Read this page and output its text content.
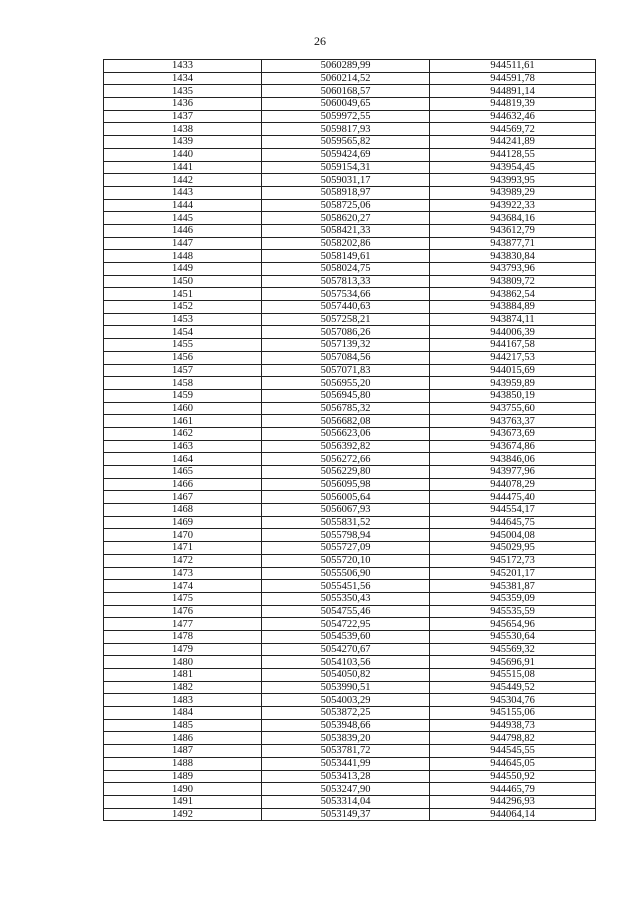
26
1433	5060289,99	944511,61
1434	5060214,52	944591,78
1435	5060168,57	944891,14
1436	5060049,65	944819,39
1437	5059972,55	944632,46
1438	5059817,93	944569,72
1439	5059565,82	944241,89
1440	5059424,69	944128,55
1441	5059154,31	943954,45
1442	5059031,17	943993,95
1443	5058918,97	943989,29
1444	5058725,06	943922,33
1445	5058620,27	943684,16
1446	5058421,33	943612,79
1447	5058202,86	943877,71
1448	5058149,61	943830,84
1449	5058024,75	943793,96
1450	5057813,33	943809,72
1451	5057534,66	943862,54
1452	5057440,63	943884,89
1453	5057258,21	943874,11
1454	5057086,26	944006,39
1455	5057139,32	944167,58
1456	5057084,56	944217,53
1457	5057071,83	944015,69
1458	5056955,20	943959,89
1459	5056945,80	943850,19
1460	5056785,32	943755,60
1461	5056682,08	943763,37
1462	5056623,06	943673,69
1463	5056392,82	943674,86
1464	5056272,66	943846,06
1465	5056229,80	943977,96
1466	5056095,98	944078,29
1467	5056005,64	944475,40
1468	5056067,93	944554,17
1469	5055831,52	944645,75
1470	5055798,94	945004,08
1471	5055727,09	945029,95
1472	5055720,10	945172,73
1473	5055506,90	945201,17
1474	5055451,56	945381,87
1475	5055350,43	945359,09
1476	5054755,46	945535,59
1477	5054722,95	945654,96
1478	5054539,60	945530,64
1479	5054270,67	945569,32
1480	5054103,56	945696,91
1481	5054050,82	945515,08
1482	5053990,51	945449,52
1483	5054003,29	945304,76
1484	5053872,25	945155,06
1485	5053948,66	944938,73
1486	5053839,20	944798,82
1487	5053781,72	944545,55
1488	5053441,99	944645,05
1489	5053413,28	944550,92
1490	5053247,90	944465,79
1491	5053314,04	944296,93
1492	5053149,37	944064,14
